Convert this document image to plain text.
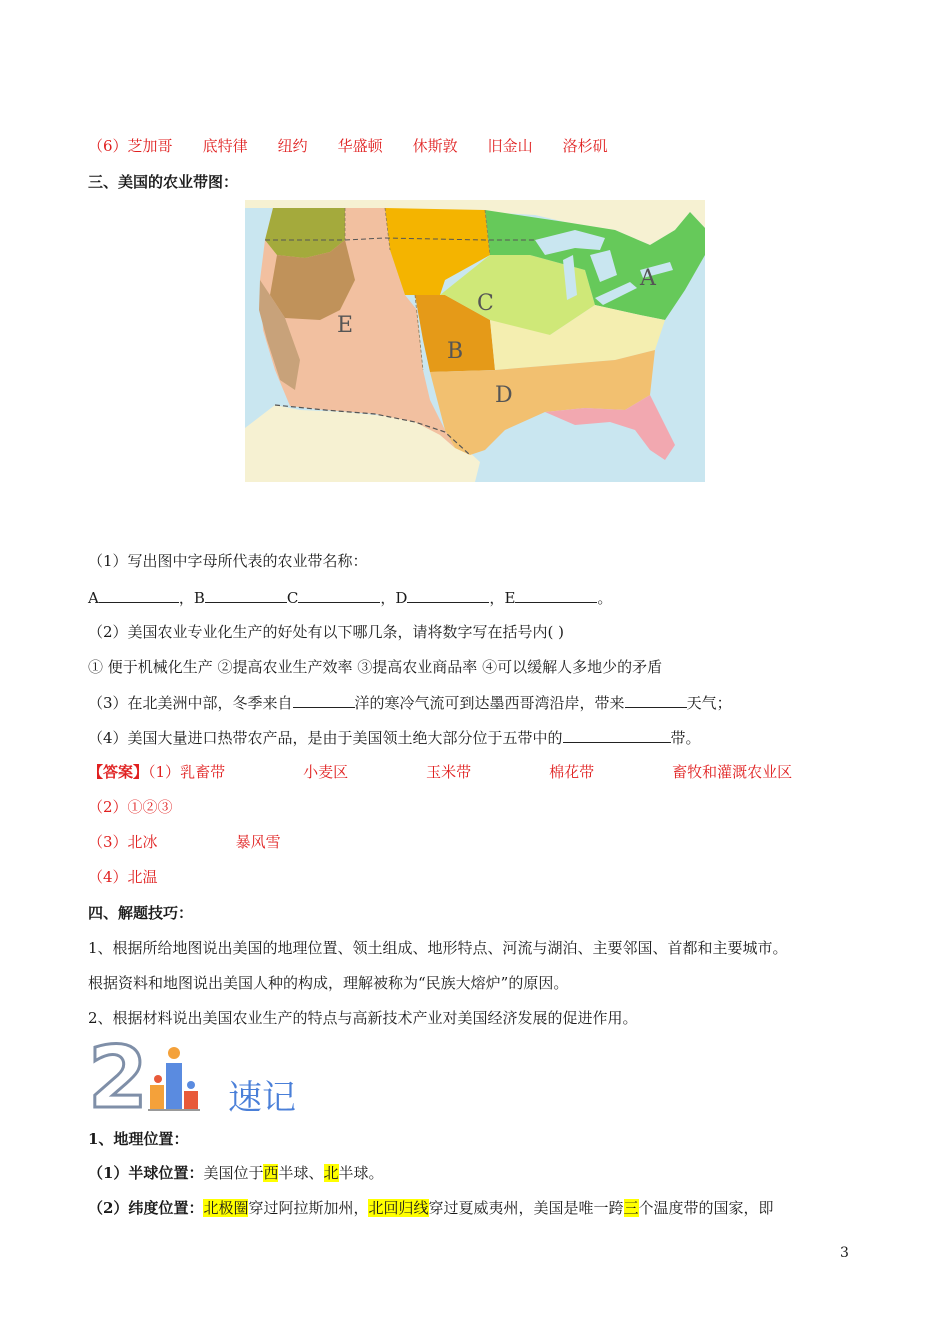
（6）芝加哥 底特律 纽约 华盛顿 休斯敦 旧金山 洛杉矶
三、美国的农业带图：
E
C
B
D
A
（1）写出图中字母所代表的农业带名称：
A	，B	C	，D	，E	。
（2）美国农业专业化生产的好处有以下哪几条，请将数字写在括号内( )
① 便于机械化生产 ②提高农业生产效率 ③提高农业商品率 ④可以缓解人多地少的矛盾
（3）在北美洲中部，冬季来自	洋的寒冷气流可到达墨西哥湾沿岸，带来	天气；
（4）美国大量进口热带农产品，是由于美国领土绝大部分位于五带中的	带。
【答案】（1）乳畜带	小麦区	玉米带	棉花带	畜牧和灌溉农业区
（2）①②③
（3）北冰	暴风雪
（4）北温
四、解题技巧：
1、根据所给地图说出美国的地理位置、领土组成、地形特点、河流与湖泊、主要邻国、首都和主要城市。
根据资料和地图说出美国人种的构成，理解被称为“民族大熔炉”的原因。
2、根据材料说出美国农业生产的特点与高新技术产业对美国经济发展的促进作用。
2 速记
1、地理位置：
（1）半球位置：美国位于西半球、北半球。
（2）纬度位置：北极圈穿过阿拉斯加州，北回归线穿过夏威夷州，美国是唯一跨三个温度带的国家，即
3
